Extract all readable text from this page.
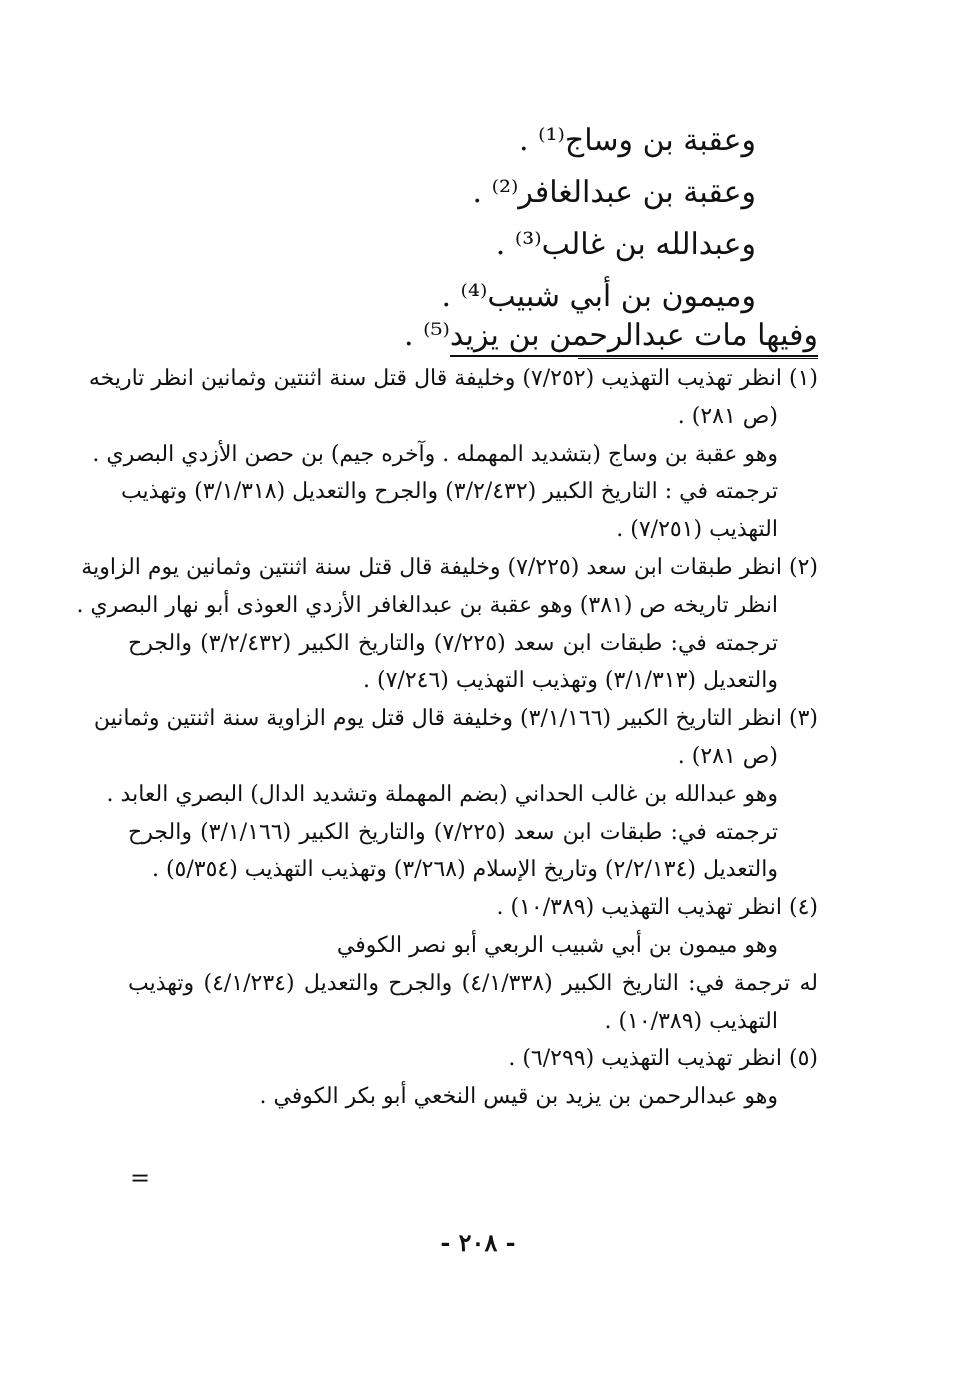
وعقبة بن وساج⁽¹⁾ .
وعقبة بن عبدالغافر⁽²⁾ .
وعبدالله بن غالب⁽³⁾ .
وميمون بن أبي شبيب⁽⁴⁾ .
وفيها مات عبدالرحمن بن يزيد⁽⁵⁾ .
(١) انظر تهذيب التهذيب (٧/٢٥٢) وخليفة قال قتل سنة اثنتين وثمانين انظر تاريخه
(ص ٢٨١) .
وهو عقبة بن وساج (بتشديد المهمله . وآخره جيم) بن حصن الأزدي البصري .
ترجمته في : التاريخ الكبير (٣/٢/٤٣٢) والجرح والتعديل (٣/١/٣١٨) وتهذيب
التهذيب (٧/٢٥١) .
(٢) انظر طبقات ابن سعد (٧/٢٢٥) وخليفة قال قتل سنة اثنتين وثمانين يوم الزاوية
انظر تاريخه ص (٣٨١) وهو عقبة بن عبدالغافر الأزدي العوذى أبو نهار البصري .
ترجمته في: طبقات ابن سعد (٧/٢٢٥) والتاريخ الكبير (٣/٢/٤٣٢) والجرح
والتعديل (٣/١/٣١٣) وتهذيب التهذيب (٧/٢٤٦) .
(٣) انظر التاريخ الكبير (٣/١/١٦٦) وخليفة قال قتل يوم الزاوية سنة اثنتين وثمانين
(ص ٢٨١) .
وهو عبدالله بن غالب الحداني (بضم المهملة وتشديد الدال) البصري العابد .
ترجمته في: طبقات ابن سعد (٧/٢٢٥) والتاريخ الكبير (٣/١/١٦٦) والجرح
والتعديل (٢/٢/١٣٤) وتاريخ الإسلام (٣/٢٦٨) وتهذيب التهذيب (٥/٣٥٤) .
(٤) انظر تهذيب التهذيب (١٠/٣٨٩) .
وهو ميمون بن أبي شبيب الربعي أبو نصر الكوفي
له ترجمة في: التاريخ الكبير (٤/١/٣٣٨) والجرح والتعديل (٤/١/٢٣٤) وتهذيب
التهذيب (١٠/٣٨٩) .
(٥) انظر تهذيب التهذيب (٦/٢٩٩) .
وهو عبدالرحمن بن يزيد بن قيس النخعي أبو بكر الكوفي .
=
- ٢٠٨ -
